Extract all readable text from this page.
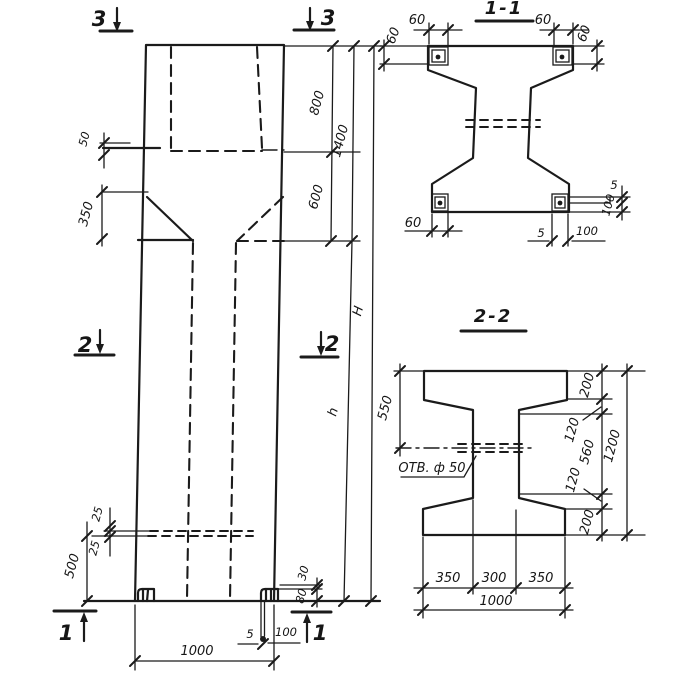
800
600
1400
h
H
50
350
25
25
500
1000
5 100
30
80
3	3
2	2
1	1
1-1
60
60
60
60
60
5	100
5
100
2-2
ОТВ. ф 50
550
200
120
560
120
200
1200
350 300 350
1000
